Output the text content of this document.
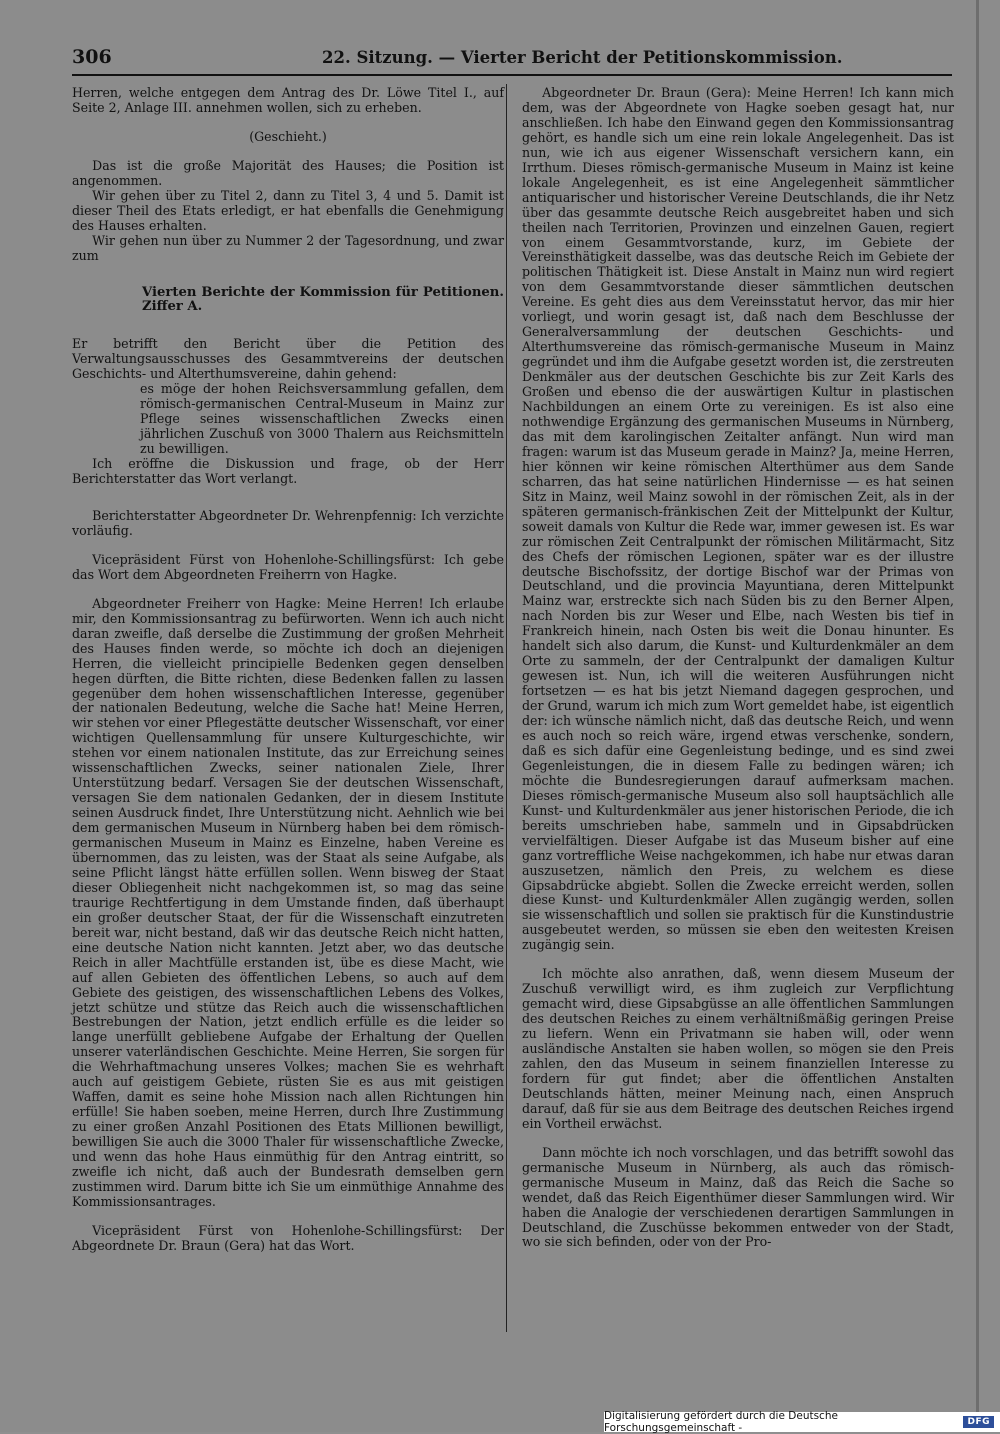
306	22. Sitzung. — Vierter Bericht der Petitionskommission.

Herren, welche entgegen dem Antrag des Dr. Löwe Titel I., auf Seite 2, Anlage III. annehmen wollen, sich zu erheben.

(Geschieht.)

Das ist die große Majorität des Hauses; die Position ist angenommen.

Wir gehen über zu Titel 2, dann zu Titel 3, 4 und 5. Damit ist dieser Theil des Etats erledigt, er hat ebenfalls die Genehmigung des Hauses erhalten.

Wir gehen nun über zu Nummer 2 der Tagesordnung, und zwar zum

Vierten Berichte der Kommission für Petitionen. Ziffer A.

Er betrifft den Bericht über die Petition des Verwaltungsausschusses des Gesammtvereins der deutschen Geschichts- und Alterthumsvereine, dahin gehend:

es möge der hohen Reichsversammlung gefallen, dem römisch-germanischen Central-Museum in Mainz zur Pflege seines wissenschaftlichen Zwecks einen jährlichen Zuschuß von 3000 Thalern aus Reichsmitteln zu bewilligen.

Ich eröffne die Diskussion und frage, ob der Herr Berichterstatter das Wort verlangt.

Berichterstatter Abgeordneter Dr. Wehrenpfennig: Ich verzichte vorläufig.

Vicepräsident Fürst von Hohenlohe-Schillingsfürst: Ich gebe das Wort dem Abgeordneten Freiherrn von Hagke.

Abgeordneter Freiherr von Hagke: Meine Herren! Ich erlaube mir, den Kommissionsantrag zu befürworten. Wenn ich auch nicht daran zweifle, daß derselbe die Zustimmung der großen Mehrheit des Hauses finden werde, so möchte ich doch an diejenigen Herren, die vielleicht principielle Bedenken gegen denselben hegen dürften, die Bitte richten, diese Bedenken fallen zu lassen gegenüber dem hohen wissenschaftlichen Interesse, gegenüber der nationalen Bedeutung, welche die Sache hat! Meine Herren, wir stehen vor einer Pflegestätte deutscher Wissenschaft, vor einer wichtigen Quellensammlung für unsere Kulturgeschichte, wir stehen vor einem nationalen Institute, das zur Erreichung seines wissenschaftlichen Zwecks, seiner nationalen Ziele, Ihrer Unterstützung bedarf. Versagen Sie der deutschen Wissenschaft, versagen Sie dem nationalen Gedanken, der in diesem Institute seinen Ausdruck findet, Ihre Unterstützung nicht. Aehnlich wie bei dem germanischen Museum in Nürnberg haben bei dem römisch-germanischen Museum in Mainz es Einzelne, haben Vereine es übernommen, das zu leisten, was der Staat als seine Aufgabe, als seine Pflicht längst hätte erfüllen sollen. Wenn bisweg der Staat dieser Obliegenheit nicht nachgekommen ist, so mag das seine traurige Rechtfertigung in dem Umstande finden, daß überhaupt ein großer deutscher Staat, der für die Wissenschaft einzutreten bereit war, nicht bestand, daß wir das deutsche Reich nicht hatten, eine deutsche Nation nicht kannten. Jetzt aber, wo das deutsche Reich in aller Machtfülle erstanden ist, übe es diese Macht, wie auf allen Gebieten des öffentlichen Lebens, so auch auf dem Gebiete des geistigen, des wissenschaftlichen Lebens des Volkes, jetzt schütze und stütze das Reich auch die wissenschaftlichen Bestrebungen der Nation, jetzt endlich erfülle es die leider so lange unerfüllt gebliebene Aufgabe der Erhaltung der Quellen unserer vaterländischen Geschichte. Meine Herren, Sie sorgen für die Wehrhaftmachung unseres Volkes; machen Sie es wehrhaft auch auf geistigem Gebiete, rüsten Sie es aus mit geistigen Waffen, damit es seine hohe Mission nach allen Richtungen hin erfülle! Sie haben soeben, meine Herren, durch Ihre Zustimmung zu einer großen Anzahl Positionen des Etats Millionen bewilligt, bewilligen Sie auch die 3000 Thaler für wissenschaftliche Zwecke, und wenn das hohe Haus einmüthig für den Antrag eintritt, so zweifle ich nicht, daß auch der Bundesrath demselben gern zustimmen wird. Darum bitte ich Sie um einmüthige Annahme des Kommissionsantrages.

Vicepräsident Fürst von Hohenlohe-Schillingsfürst: Der Abgeordnete Dr. Braun (Gera) hat das Wort.

Abgeordneter Dr. Braun (Gera): Meine Herren! Ich kann mich dem, was der Abgeordnete von Hagke soeben gesagt hat, nur anschließen. Ich habe den Einwand gegen den Kommissionsantrag gehört, es handle sich um eine rein lokale Angelegenheit. Das ist nun, wie ich aus eigener Wissenschaft versichern kann, ein Irrthum. Dieses römisch-germanische Museum in Mainz ist keine lokale Angelegenheit, es ist eine Angelegenheit sämmtlicher antiquarischer und historischer Vereine Deutschlands, die ihr Netz über das gesammte deutsche Reich ausgebreitet haben und sich theilen nach Territorien, Provinzen und einzelnen Gauen, regiert von einem Gesammtvorstande, kurz, im Gebiete der Vereinsthätigkeit dasselbe, was das deutsche Reich im Gebiete der politischen Thätigkeit ist. Diese Anstalt in Mainz nun wird regiert von dem Gesammtvorstande dieser sämmtlichen deutschen Vereine. Es geht dies aus dem Vereinsstatut hervor, das mir hier vorliegt, und worin gesagt ist, daß nach dem Beschlusse der Generalversammlung der deutschen Geschichts- und Alterthumsvereine das römisch-germanische Museum in Mainz gegründet und ihm die Aufgabe gesetzt worden ist, die zerstreuten Denkmäler aus der deutschen Geschichte bis zur Zeit Karls des Großen und ebenso die der auswärtigen Kultur in plastischen Nachbildungen an einem Orte zu vereinigen. Es ist also eine nothwendige Ergänzung des germanischen Museums in Nürnberg, das mit dem karolingischen Zeitalter anfängt. Nun wird man fragen: warum ist das Museum gerade in Mainz? Ja, meine Herren, hier können wir keine römischen Alterthümer aus dem Sande scharren, das hat seine natürlichen Hindernisse — es hat seinen Sitz in Mainz, weil Mainz sowohl in der römischen Zeit, als in der späteren germanisch-fränkischen Zeit der Mittelpunkt der Kultur, soweit damals von Kultur die Rede war, immer gewesen ist. Es war zur römischen Zeit Centralpunkt der römischen Militärmacht, Sitz des Chefs der römischen Legionen, später war es der illustre deutsche Bischofssitz, der dortige Bischof war der Primas von Deutschland, und die provincia Mayuntiana, deren Mittelpunkt Mainz war, erstreckte sich nach Süden bis zu den Berner Alpen, nach Norden bis zur Weser und Elbe, nach Westen bis tief in Frankreich hinein, nach Osten bis weit die Donau hinunter. Es handelt sich also darum, die Kunst- und Kulturdenkmäler an dem Orte zu sammeln, der der Centralpunkt der damaligen Kultur gewesen ist. Nun, ich will die weiteren Ausführungen nicht fortsetzen — es hat bis jetzt Niemand dagegen gesprochen, und der Grund, warum ich mich zum Wort gemeldet habe, ist eigentlich der: ich wünsche nämlich nicht, daß das deutsche Reich, und wenn es auch noch so reich wäre, irgend etwas verschenke, sondern, daß es sich dafür eine Gegenleistung bedinge, und es sind zwei Gegenleistungen, die in diesem Falle zu bedingen wären; ich möchte die Bundesregierungen darauf aufmerksam machen. Dieses römisch-germanische Museum also soll hauptsächlich alle Kunst- und Kulturdenkmäler aus jener historischen Periode, die ich bereits umschrieben habe, sammeln und in Gipsabdrücken vervielfältigen. Dieser Aufgabe ist das Museum bisher auf eine ganz vortreffliche Weise nachgekommen, ich habe nur etwas daran auszusetzen, nämlich den Preis, zu welchem es diese Gipsabdrücke abgiebt. Sollen die Zwecke erreicht werden, sollen diese Kunst- und Kulturdenkmäler Allen zugängig werden, sollen sie wissenschaftlich und sollen sie praktisch für die Kunstindustrie ausgebeutet werden, so müssen sie eben den weitesten Kreisen zugängig sein.

Ich möchte also anrathen, daß, wenn diesem Museum der Zuschuß verwilligt wird, es ihm zugleich zur Verpflichtung gemacht wird, diese Gipsabgüsse an alle öffentlichen Sammlungen des deutschen Reiches zu einem verhältnißmäßig geringen Preise zu liefern. Wenn ein Privatmann sie haben will, oder wenn ausländische Anstalten sie haben wollen, so mögen sie den Preis zahlen, den das Museum in seinem finanziellen Interesse zu fordern für gut findet; aber die öffentlichen Anstalten Deutschlands hätten, meiner Meinung nach, einen Anspruch darauf, daß für sie aus dem Beitrage des deutschen Reiches irgend ein Vortheil erwächst.

Dann möchte ich noch vorschlagen, und das betrifft sowohl das germanische Museum in Nürnberg, als auch das römisch-germanische Museum in Mainz, daß das Reich die Sache so wendet, daß das Reich Eigenthümer dieser Sammlungen wird. Wir haben die Analogie der verschiedenen derartigen Sammlungen in Deutschland, die Zuschüsse bekommen entweder von der Stadt, wo sie sich befinden, oder von der Pro-

Digitalisierung gefördert durch die Deutsche Forschungsgemeinschaft -	DFG
